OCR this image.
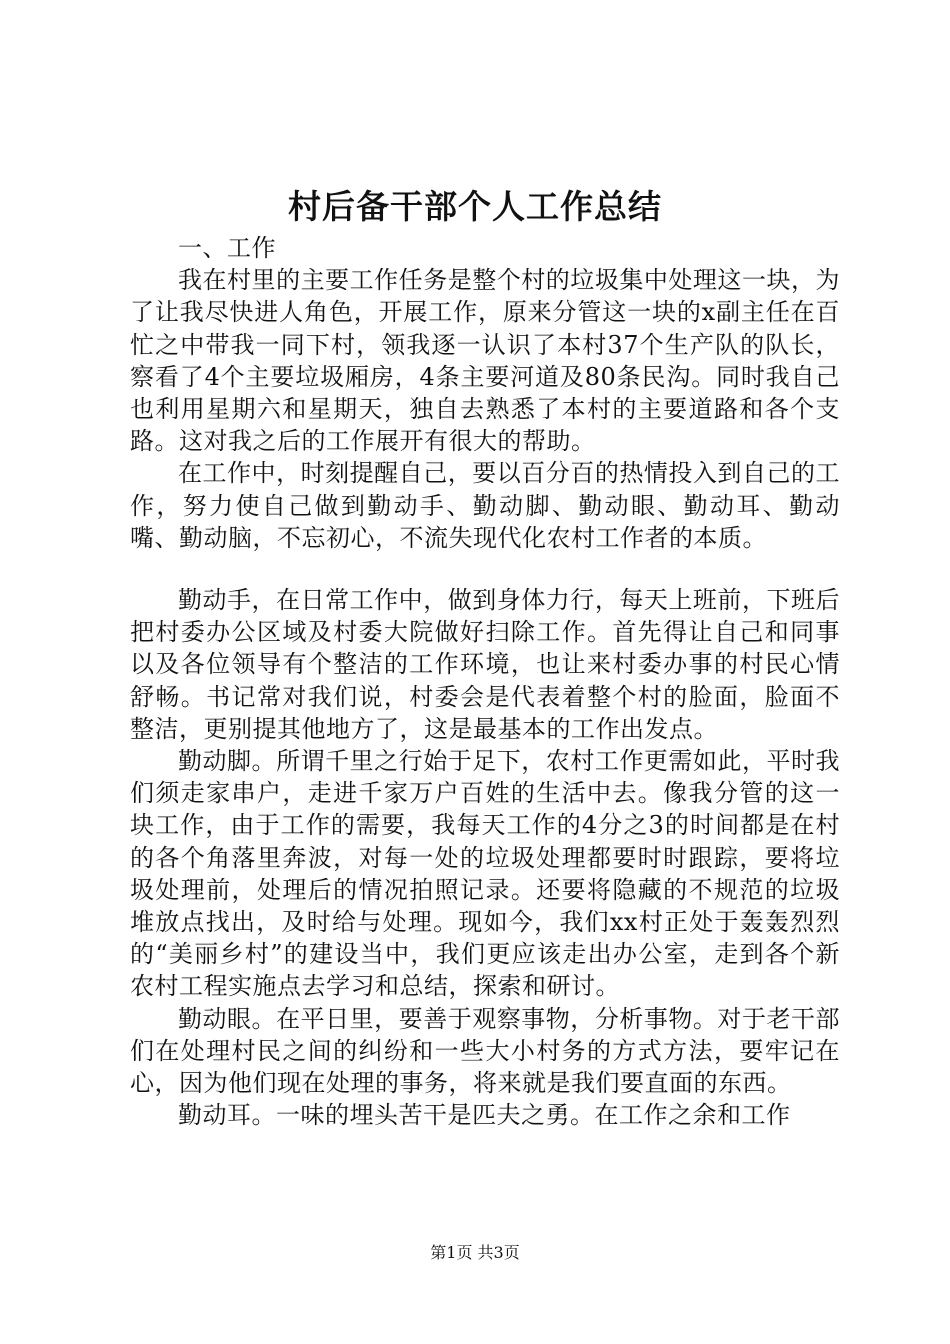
村后备干部个人工作总结

一、工作

我在村里的主要工作任务是整个村的垃圾集中处理这一块，为了让我尽快进人角色，开展工作，原来分管这一块的x副主任在百忙之中带我一同下村，领我逐一认识了本村37个生产队的队长，察看了4个主要垃圾厢房，4条主要河道及80条民沟。同时我自己也利用星期六和星期天，独自去熟悉了本村的主要道路和各个支路。这对我之后的工作展开有很大的帮助。

在工作中，时刻提醒自己，要以百分百的热情投入到自己的工作，努力使自己做到勤动手、勤动脚、勤动眼、勤动耳、勤动嘴、勤动脑，不忘初心，不流失现代化农村工作者的本质。

勤动手，在日常工作中，做到身体力行，每天上班前，下班后把村委办公区域及村委大院做好扫除工作。首先得让自己和同事以及各位领导有个整洁的工作环境，也让来村委办事的村民心情舒畅。书记常对我们说，村委会是代表着整个村的脸面，脸面不整洁，更别提其他地方了，这是最基本的工作出发点。

勤动脚。所谓千里之行始于足下，农村工作更需如此，平时我们须走家串户，走进千家万户百姓的生活中去。像我分管的这一块工作，由于工作的需要，我每天工作的4分之3的时间都是在村的各个角落里奔波，对每一处的垃圾处理都要时时跟踪，要将垃圾处理前，处理后的情况拍照记录。还要将隐藏的不规范的垃圾堆放点找出，及时给与处理。现如今，我们xx村正处于轰轰烈烈的“美丽乡村”的建设当中，我们更应该走出办公室，走到各个新农村工程实施点去学习和总结，探索和研讨。

勤动眼。在平日里，要善于观察事物，分析事物。对于老干部们在处理村民之间的纠纷和一些大小村务的方式方法，要牢记在心，因为他们现在处理的事务，将来就是我们要直面的东西。

勤动耳。一味的埋头苦干是匹夫之勇。在工作之余和工作

第1页 共3页
